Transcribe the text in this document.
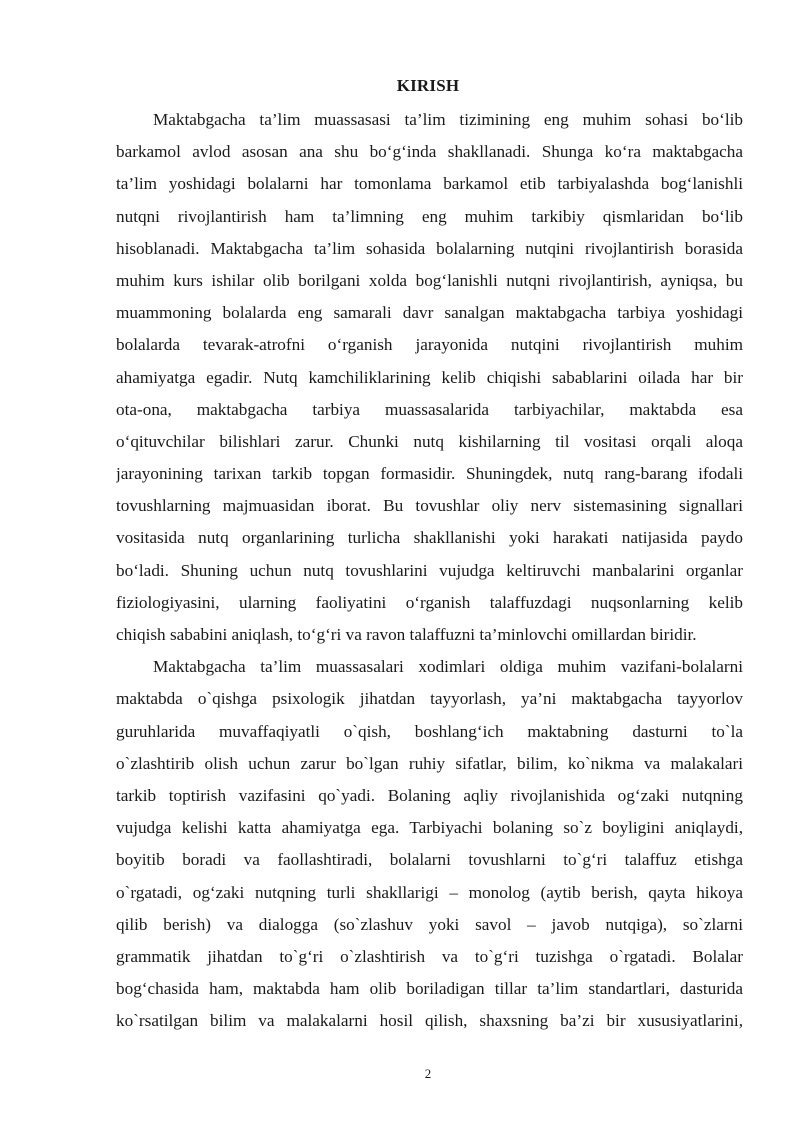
KIRISH
Maktabgacha ta’lim muassasasi ta’lim tizimining eng muhim sohasi bo‘lib
barkamol avlod asosan ana shu bo‘g‘inda shakllanadi. Shunga ko‘ra maktabgacha
ta’lim yoshidagi bolalarni har tomonlama barkamol etib tarbiyalashda bog‘lanishli
nutqni rivojlantirish ham ta’limning eng muhim tarkibiy qismlaridan bo‘lib
hisoblanadi. Maktabgacha ta’lim sohasida bolalarning nutqini rivojlantirish borasida
muhim kurs ishilar olib borilgani xolda bog‘lanishli nutqni rivojlantirish, ayniqsa, bu
muammoning bolalarda eng samarali davr sanalgan maktabgacha tarbiya yoshidagi
bolalarda tevarak-atrofni o‘rganish jarayonida nutqini rivojlantirish muhim
ahamiyatga egadir. Nutq kamchiliklarining kelib chiqishi sabablarini oilada har bir
ota-ona, maktabgacha tarbiya muassasalarida tarbiyachilar, maktabda esa
o‘qituvchilar bilishlari zarur. Chunki nutq kishilarning til vositasi orqali aloqa
jarayonining tarixan tarkib topgan formasidir. Shuningdek, nutq rang-barang ifodali
tovushlarning majmuasidan iborat. Bu tovushlar oliy nerv sistemasining signallari
vositasida nutq organlarining turlicha shakllanishi yoki harakati natijasida paydo
bo‘ladi. Shuning uchun nutq tovushlarini vujudga keltiruvchi manbalarini organlar
fiziologiyasini, ularning faoliyatini o‘rganish talaffuzdagi nuqsonlarning kelib
chiqish sababini aniqlash, to‘g‘ri va ravon talaffuzni ta’minlovchi omillardan biridir.
Maktabgacha ta’lim muassasalari xodimlari oldiga muhim vazifani-bolalarni
maktabda o`qishga psixologik jihatdan tayyorlash, ya’ni maktabgacha tayyorlov
guruhlarida muvaffaqiyatli o`qish, boshlang‘ich maktabning dasturni to`la
o`zlashtirib olish uchun zarur bo`lgan ruhiy sifatlar, bilim, ko`nikma va malakalari
tarkib toptirish vazifasini qo`yadi. Bolaning aqliy rivojlanishida og‘zaki nutqning
vujudga kelishi katta ahamiyatga ega. Tarbiyachi bolaning so`z boyligini aniqlaydi,
boyitib boradi va faollashtiradi, bolalarni tovushlarni to`g‘ri talaffuz etishga
o`rgatadi, og‘zaki nutqning turli shakllarigi – monolog (aytib berish, qayta hikoya
qilib berish) va dialogga (so`zlashuv yoki savol – javob nutqiga), so`zlarni
grammatik jihatdan to`g‘ri o`zlashtirish va to`g‘ri tuzishga o`rgatadi. Bolalar
bog‘chasida ham, maktabda ham olib boriladigan tillar ta’lim standartlari, dasturida
ko`rsatilgan bilim va malakalarni hosil qilish, shaxsning ba’zi bir xususiyatlarini,
2
